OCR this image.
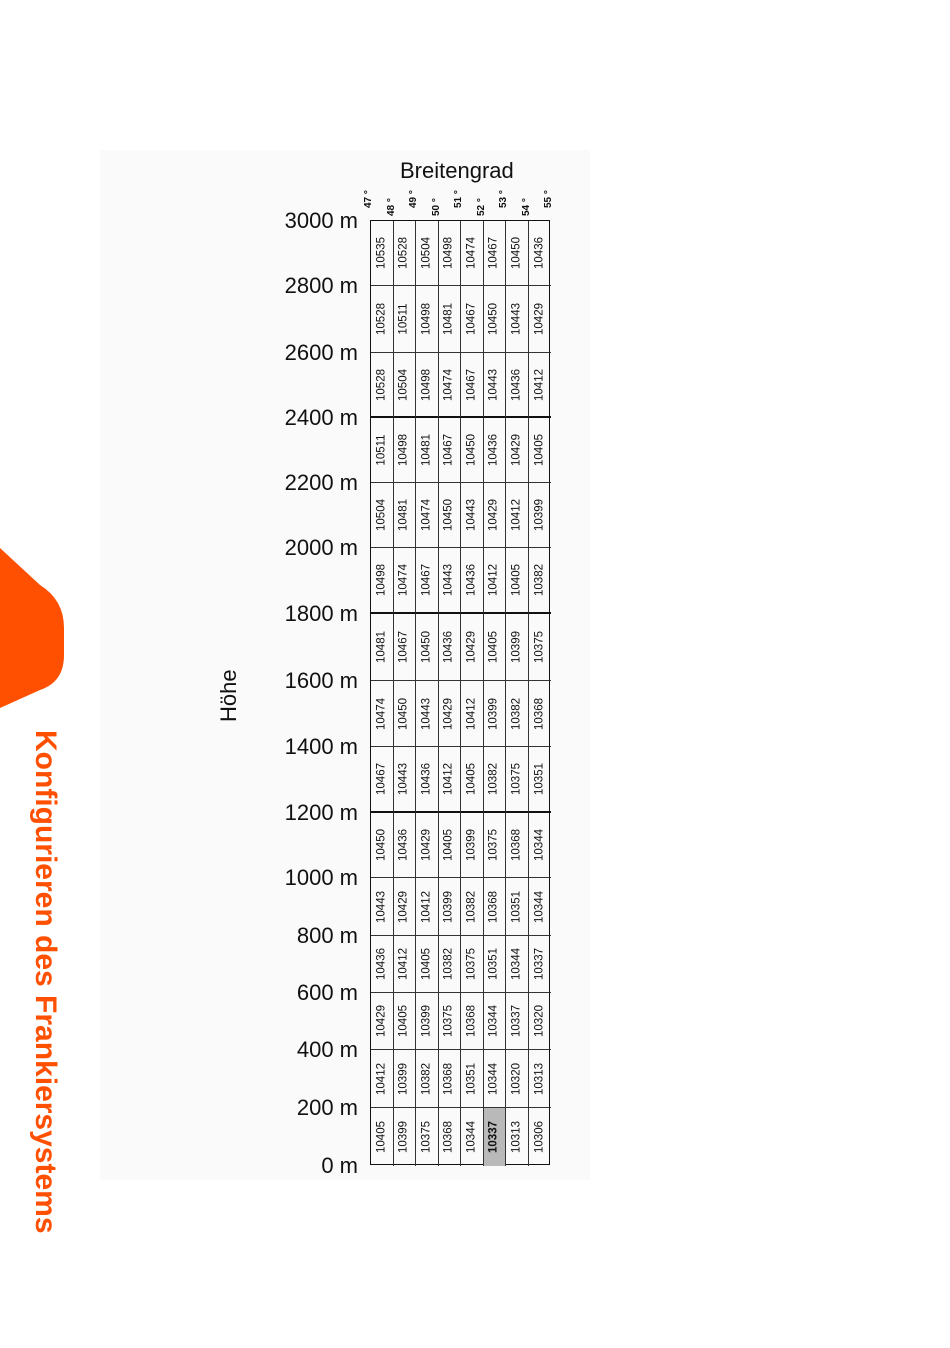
Konfigurieren des Frankiersystems
Breitengrad
Höhe
47 ° 48 ° 49 ° 50 ° 51 ° 52 ° 53 ° 54 ° 55 °
3000 m
2800 m
2600 m
2400 m
2200 m
2000 m
1800 m
1600 m
1400 m
1200 m
1000 m
800 m
600 m
400 m
200 m
0 m
10535
10528
10528
10511
10504
10498
10481
10474
10467
10450
10443
10436
10429
10412
10405
10528
10511
10504
10498
10481
10474
10467
10450
10443
10436
10429
10412
10405
10399
10399
10504
10498
10498
10481
10474
10467
10450
10443
10436
10429
10412
10405
10399
10382
10375
10498
10481
10474
10467
10450
10443
10436
10429
10412
10405
10399
10382
10375
10368
10368
10474
10467
10467
10450
10443
10436
10429
10412
10405
10399
10382
10375
10368
10351
10344
10467
10450
10443
10436
10429
10412
10405
10399
10382
10375
10368
10351
10344
10344
10337
10450
10443
10436
10429
10412
10405
10399
10382
10375
10368
10351
10344
10337
10320
10313
10436
10429
10412
10405
10399
10382
10375
10368
10351
10344
10344
10337
10320
10313
10306
